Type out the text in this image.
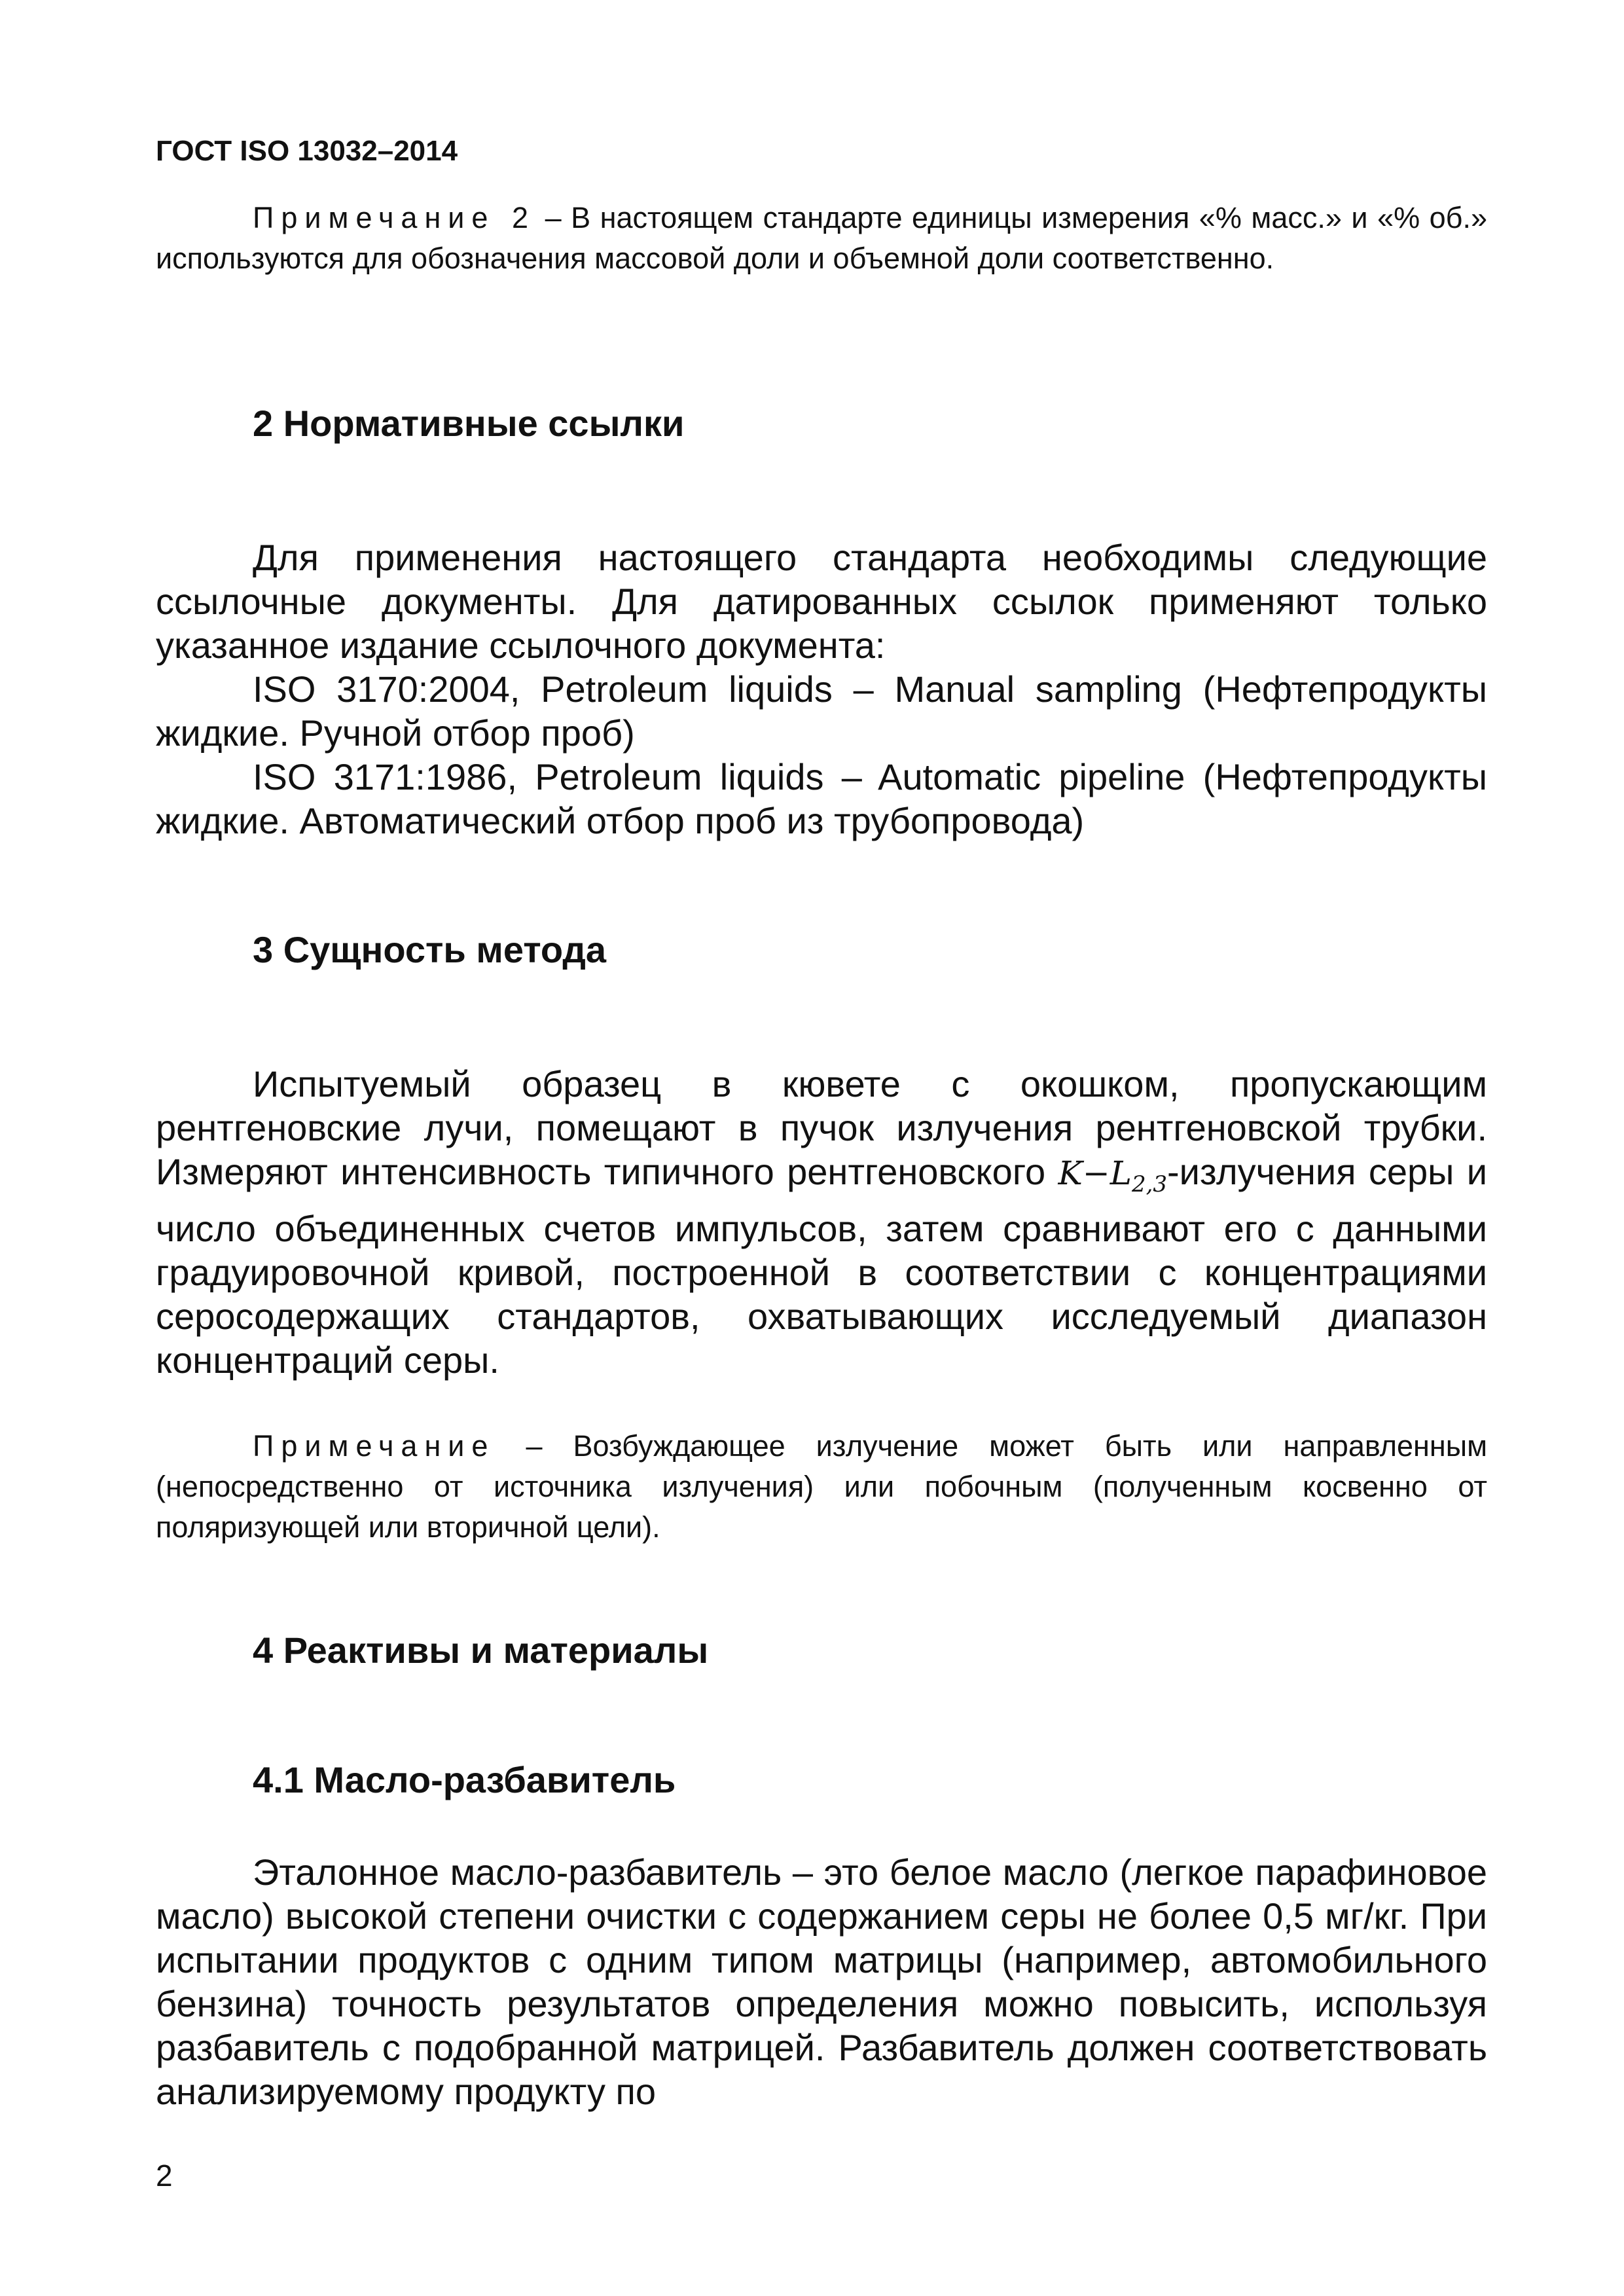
ГОСТ ISO 13032–2014
Примечание 2 – В настоящем стандарте единицы измерения «% масс.» и «% об.» используются для обозначения массовой доли и объемной доли соответственно.
2 Нормативные ссылки
Для применения настоящего стандарта необходимы следующие ссылочные документы. Для датированных ссылок применяют только указанное издание ссылочного документа:
ISO 3170:2004, Petroleum liquids – Manual sampling (Нефтепродукты жидкие. Ручной отбор проб)
ISO 3171:1986, Petroleum liquids – Automatic pipeline (Нефтепродукты жидкие. Автоматический отбор проб из трубопровода)
3 Сущность метода
Испытуемый образец в кювете с окошком, пропускающим рентгеновские лучи, помещают в пучок излучения рентгеновской трубки. Измеряют интенсивность типичного рентгеновского $K-L_{2,3}$-излучения серы и число объединенных счетов импульсов, затем сравнивают его с данными градуировочной кривой, построенной в соответствии с концентрациями серосодержащих стандартов, охватывающих исследуемый диапазон концентраций серы.
Примечание – Возбуждающее излучение может быть или направленным (непосредственно от источника излучения) или побочным (полученным косвенно от поляризующей или вторичной цели).
4 Реактивы и материалы
4.1 Масло-разбавитель
Эталонное масло-разбавитель – это белое масло (легкое парафиновое масло) высокой степени очистки с содержанием серы не более 0,5 мг/кг. При испытании продуктов с одним типом матрицы (например, автомобильного бензина) точность результатов определения можно повысить, используя разбавитель с подобранной матрицей. Разбавитель должен соответствовать анализируемому продукту по
2
